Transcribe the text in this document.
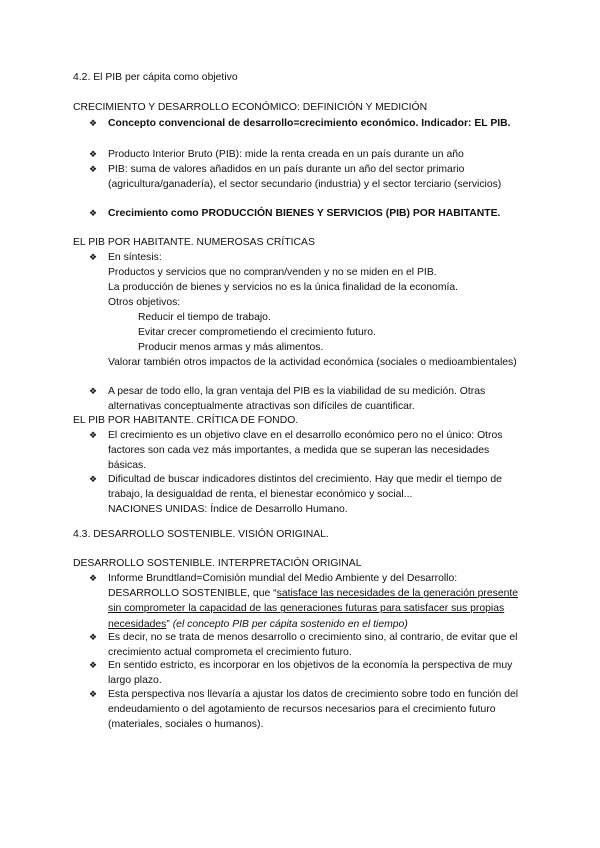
4.2. El PIB per cápita como objetivo

CRECIMIENTO Y DESARROLLO ECONÓMICO: DEFINICIÓN Y MEDICIÓN

❖ Concepto convencional de desarrollo=crecimiento económico. Indicador: EL PIB.
❖ Producto Interior Bruto (PIB): mide la renta creada en un país durante un año
❖ PIB: suma de valores añadidos en un país durante un año del sector primario (agricultura/ganadería), el sector secundario (industria) y el sector terciario (servicios)
❖ Crecimiento como PRODUCCIÓN BIENES Y SERVICIOS (PIB) POR HABITANTE.

EL PIB POR HABITANTE. NUMEROSAS CRÍTICAS

❖ En síntesis:

Productos y servicios que no compran/venden y no se miden en el PIB.

La producción de bienes y servicios no es la única finalidad de la economía.

Otros objetivos:

Reducir el tiempo de trabajo.

Evitar crecer comprometiendo el crecimiento futuro.

Producir menos armas y más alimentos.

Valorar también otros impactos de la actividad económica (sociales o medioambientales)

❖ A pesar de todo ello, la gran ventaja del PIB es la viabilidad de su medición. Otras alternativas conceptualmente atractivas son difíciles de cuantificar.

EL PIB POR HABITANTE. CRÍTICA DE FONDO.

❖ El crecimiento es un objetivo clave en el desarrollo económico pero no el único: Otros factores son cada vez más importantes, a medida que se superan las necesidades básicas.
❖ Dificultad de buscar indicadores distintos del crecimiento. Hay que medir el tiempo de trabajo, la desigualdad de renta, el bienestar económico y social...

NACIONES UNIDAS: Índice de Desarrollo Humano.

4.3. DESARROLLO SOSTENIBLE. VISIÓN ORIGINAL.

DESARROLLO SOSTENIBLE. INTERPRETACIÓN ORIGINAL

❖ Informe Brundtland=Comisión mundial del Medio Ambiente y del Desarrollo: DESARROLLO SOSTENIBLE, que “satisface las necesidades de la generación presente sin comprometer la capacidad de las generaciones futuras para satisfacer sus propias necesidades” (el concepto PIB per cápita sostenido en el tiempo)
❖ Es decir, no se trata de menos desarrollo o crecimiento sino, al contrario, de evitar que el crecimiento actual comprometa el crecimiento futuro.
❖ En sentido estricto, es incorporar en los objetivos de la economía la perspectiva de muy largo plazo.
❖ Esta perspectiva nos llevaría a ajustar los datos de crecimiento sobre todo en función del endeudamiento o del agotamiento de recursos necesarios para el crecimiento futuro (materiales, sociales o humanos).
